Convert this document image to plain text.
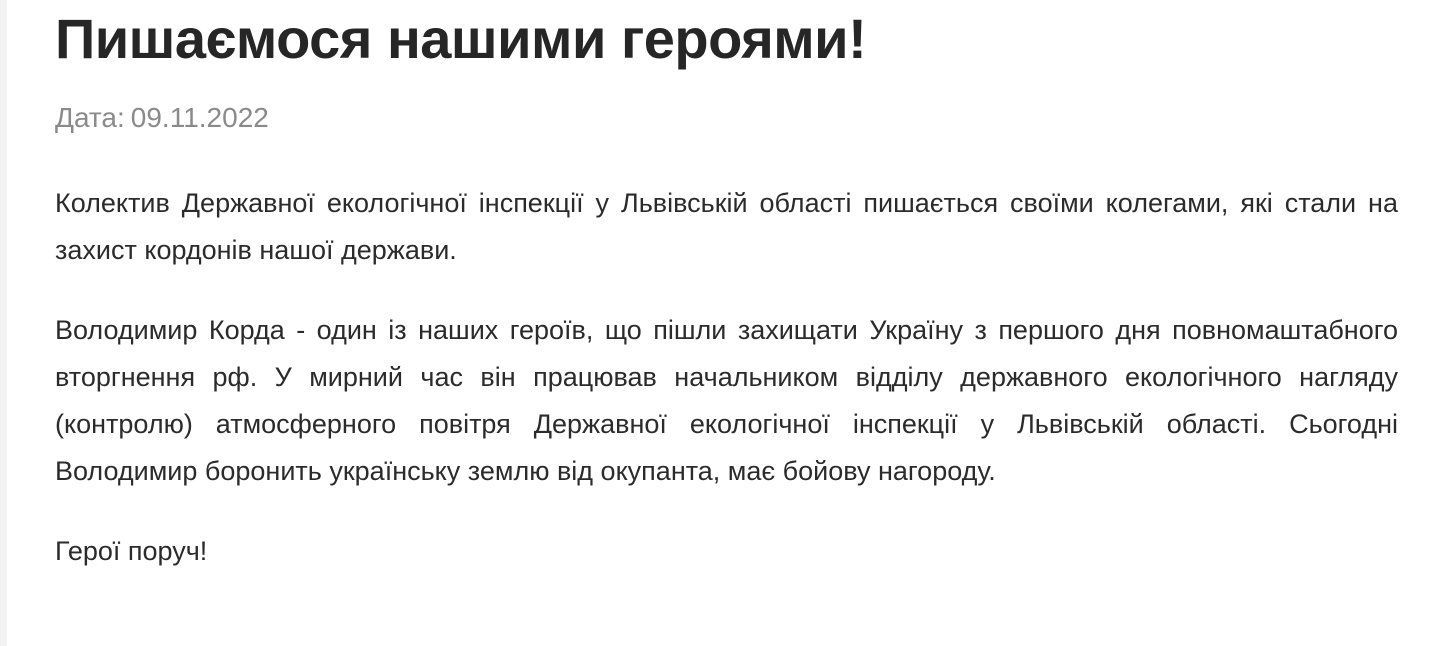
Пишаємося нашими героями!
Дата: 09.11.2022

Колектив Державної екологічної інспекції у Львівській області пишається своїми колегами, які стали на захист кордонів нашої держави.

Володимир Корда - один із наших героїв, що пішли захищати Україну з першого дня повномаштабного вторгнення рф. У мирний час він працював начальником відділу державного екологічного нагляду (контролю) атмосферного повітря Державної екологічної інспекції у Львівській області. Сьогодні Володимир боронить українську землю від окупанта, має бойову нагороду.

Герої поруч!
